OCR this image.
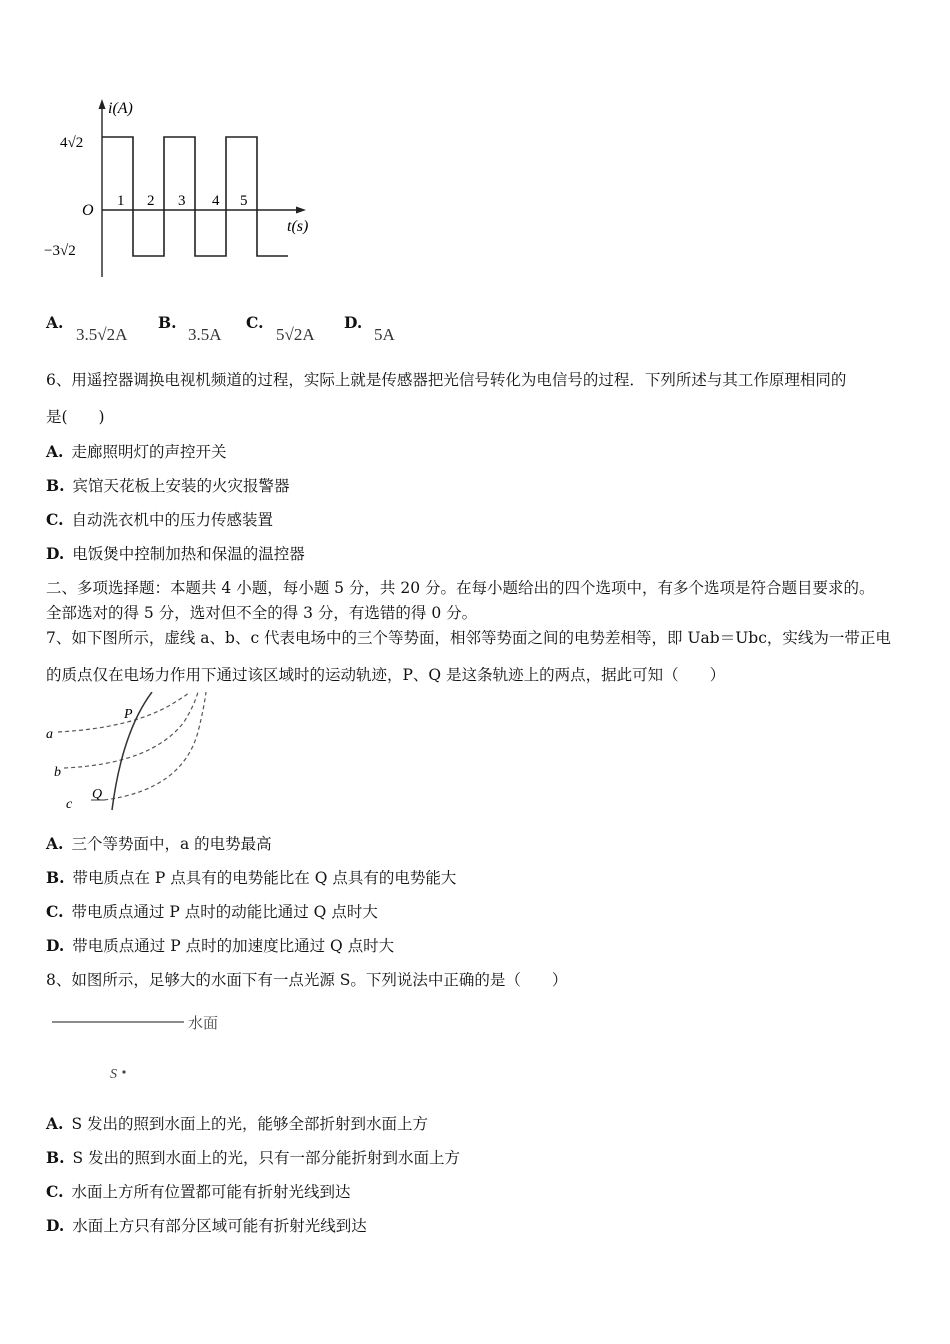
i(A)
t(s)
O
4√2
−3√2
1 2 3 4 5
A.
3.5√2A
B.
3.5A
C.
5√2A
D.
5A
6、用遥控器调换电视机频道的过程，实际上就是传感器把光信号转化为电信号的过程．下列所述与其工作原理相同的
是(　　)
A. 走廊照明灯的声控开关
B. 宾馆天花板上安装的火灾报警器
C. 自动洗衣机中的压力传感装置
D. 电饭煲中控制加热和保温的温控器
二、多项选择题：本题共 4 小题，每小题 5 分，共 20 分。在每小题给出的四个选项中，有多个选项是符合题目要求的。
全部选对的得 5 分，选对但不全的得 3 分，有选错的得 0 分。
7、如下图所示，虚线 a、b、c 代表电场中的三个等势面，相邻等势面之间的电势差相等，即 Uab＝Ubc，实线为一带正电
的质点仅在电场力作用下通过该区域时的运动轨迹，P、Q 是这条轨迹上的两点，据此可知（　　）
a
b
c
P
Q
A. 三个等势面中，a 的电势最高
B. 带电质点在 P 点具有的电势能比在 Q 点具有的电势能大
C. 带电质点通过 P 点时的动能比通过 Q 点时大
D. 带电质点通过 P 点时的加速度比通过 Q 点时大
8、如图所示，足够大的水面下有一点光源 S。下列说法中正确的是（　　）
水面
S
A. S 发出的照到水面上的光，能够全部折射到水面上方
B. S 发出的照到水面上的光，只有一部分能折射到水面上方
C. 水面上方所有位置都可能有折射光线到达
D. 水面上方只有部分区域可能有折射光线到达
